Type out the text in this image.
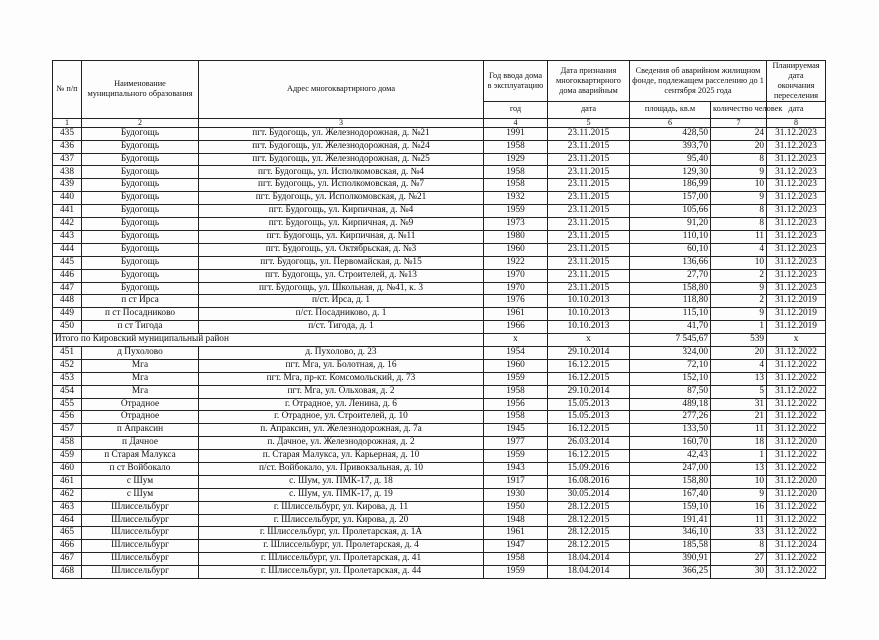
№ п/п	Наименование муниципального образования	Адрес многоквартирного дома	Год ввода дома в эксплуатацию	Дата признания многоквартирного дома аварийным	Сведения об аварийном жилищном фонде, подлежащем расселению до 1 сентября 2025 года		Планируемая дата окончания переселения
			год	дата	площадь, кв.м	количество человек	дата
1	2	3	4	5	6	7	8
435	Будогощь	пгт. Будогощь, ул. Железнодорожная, д. №21	1991	23.11.2015	428,50	24	31.12.2023
436	Будогощь	пгт. Будогощь, ул. Железнодорожная, д. №24	1958	23.11.2015	393,70	20	31.12.2023
437	Будогощь	пгт. Будогощь, ул. Железнодорожная, д. №25	1929	23.11.2015	95,40	8	31.12.2023
438	Будогощь	пгт. Будогощь, ул. Исполкомовская, д. №4	1958	23.11.2015	129,30	9	31.12.2023
439	Будогощь	пгт. Будогощь, ул. Исполкомовская, д. №7	1958	23.11.2015	186,99	10	31.12.2023
440	Будогощь	пгт. Будогощь, ул. Исполкомовская, д. №21	1932	23.11.2015	157,00	9	31.12.2023
441	Будогощь	пгт. Будогощь, ул. Кирпичная, д. №4	1959	23.11.2015	105,66	8	31.12.2023
442	Будогощь	пгт. Будогощь, ул. Кирпичная, д. №9	1973	23.11.2015	91,20	8	31.12.2023
443	Будогощь	пгт. Будогощь, ул. Кирпичная, д. №11	1980	23.11.2015	110,10	11	31.12.2023
444	Будогощь	пгт. Будогощь, ул. Октябрьская, д. №3	1960	23.11.2015	60,10	4	31.12.2023
445	Будогощь	пгт. Будогощь, ул. Первомайская, д. №15	1922	23.11.2015	136,66	10	31.12.2023
446	Будогощь	пгт. Будогощь, ул. Строителей, д. №13	1970	23.11.2015	27,70	2	31.12.2023
447	Будогощь	пгт. Будогощь, ул. Школьная, д. №41, к. 3	1970	23.11.2015	158,80	9	31.12.2023
448	п ст Ирса	п/ст. Ирса, д. 1	1976	10.10.2013	118,80	2	31.12.2019
449	п ст Посадниково	п/ст. Посадниково, д. 1	1961	10.10.2013	115,10	9	31.12.2019
450	п ст Тигода	п/ст. Тигода, д. 1	1966	10.10.2013	41,70	1	31.12.2019
Итого по Кировский муниципальный район			х	х	7 545,67	539	х
451	д Пухолово	д. Пухолово, д. 23	1954	29.10.2014	324,00	20	31.12.2022
452	Мга	пгт. Мга, ул. Болотная, д. 16	1960	16.12.2015	72,10	4	31.12.2022
453	Мга	пгт. Мга, пр-кт. Комсомольский, д. 73	1959	16.12.2015	152,10	13	31.12.2022
454	Мга	пгт. Мга, ул. Ольховая, д. 2	1958	29.10.2014	87,50	5	31.12.2022
455	Отрадное	г. Отрадное, ул. Ленина, д. 6	1956	15.05.2013	489,18	31	31.12.2022
456	Отрадное	г. Отрадное, ул. Строителей, д. 10	1958	15.05.2013	277,26	21	31.12.2022
457	п Апраксин	п. Апраксин, ул. Железнодорожная, д. 7а	1945	16.12.2015	133,50	11	31.12.2022
458	п Дачное	п. Дачное, ул. Железнодорожная, д. 2	1977	26.03.2014	160,70	18	31.12.2020
459	п Старая Малукса	п. Старая Малукса, ул. Карьерная, д. 10	1959	16.12.2015	42,43	1	31.12.2022
460	п ст Войбокало	п/ст. Войбокало, ул. Привокзальная, д. 10	1943	15.09.2016	247,00	13	31.12.2022
461	с Шум	с. Шум, ул. ПМК-17, д. 18	1917	16.08.2016	158,80	10	31.12.2020
462	с Шум	с. Шум, ул. ПМК-17, д. 19	1930	30.05.2014	167,40	9	31.12.2020
463	Шлиссельбург	г. Шлиссельбург, ул. Кирова, д. 11	1950	28.12.2015	159,10	16	31.12.2022
464	Шлиссельбург	г. Шлиссельбург, ул. Кирова, д. 20	1948	28.12.2015	191,41	11	31.12.2022
465	Шлиссельбург	г. Шлиссельбург, ул. Пролетарская, д. 1А	1961	28.12.2015	346,10	33	31.12.2022
466	Шлиссельбург	г. Шлиссельбург, ул. Пролетарская, д. 4	1947	28.12.2015	185,58	8	31.12.2024
467	Шлиссельбург	г. Шлиссельбург, ул. Пролетарская, д. 41	1958	18.04.2014	390,91	27	31.12.2022
468	Шлиссельбург	г. Шлиссельбург, ул. Пролетарская, д. 44	1959	18.04.2014	366,25	30	31.12.2022
